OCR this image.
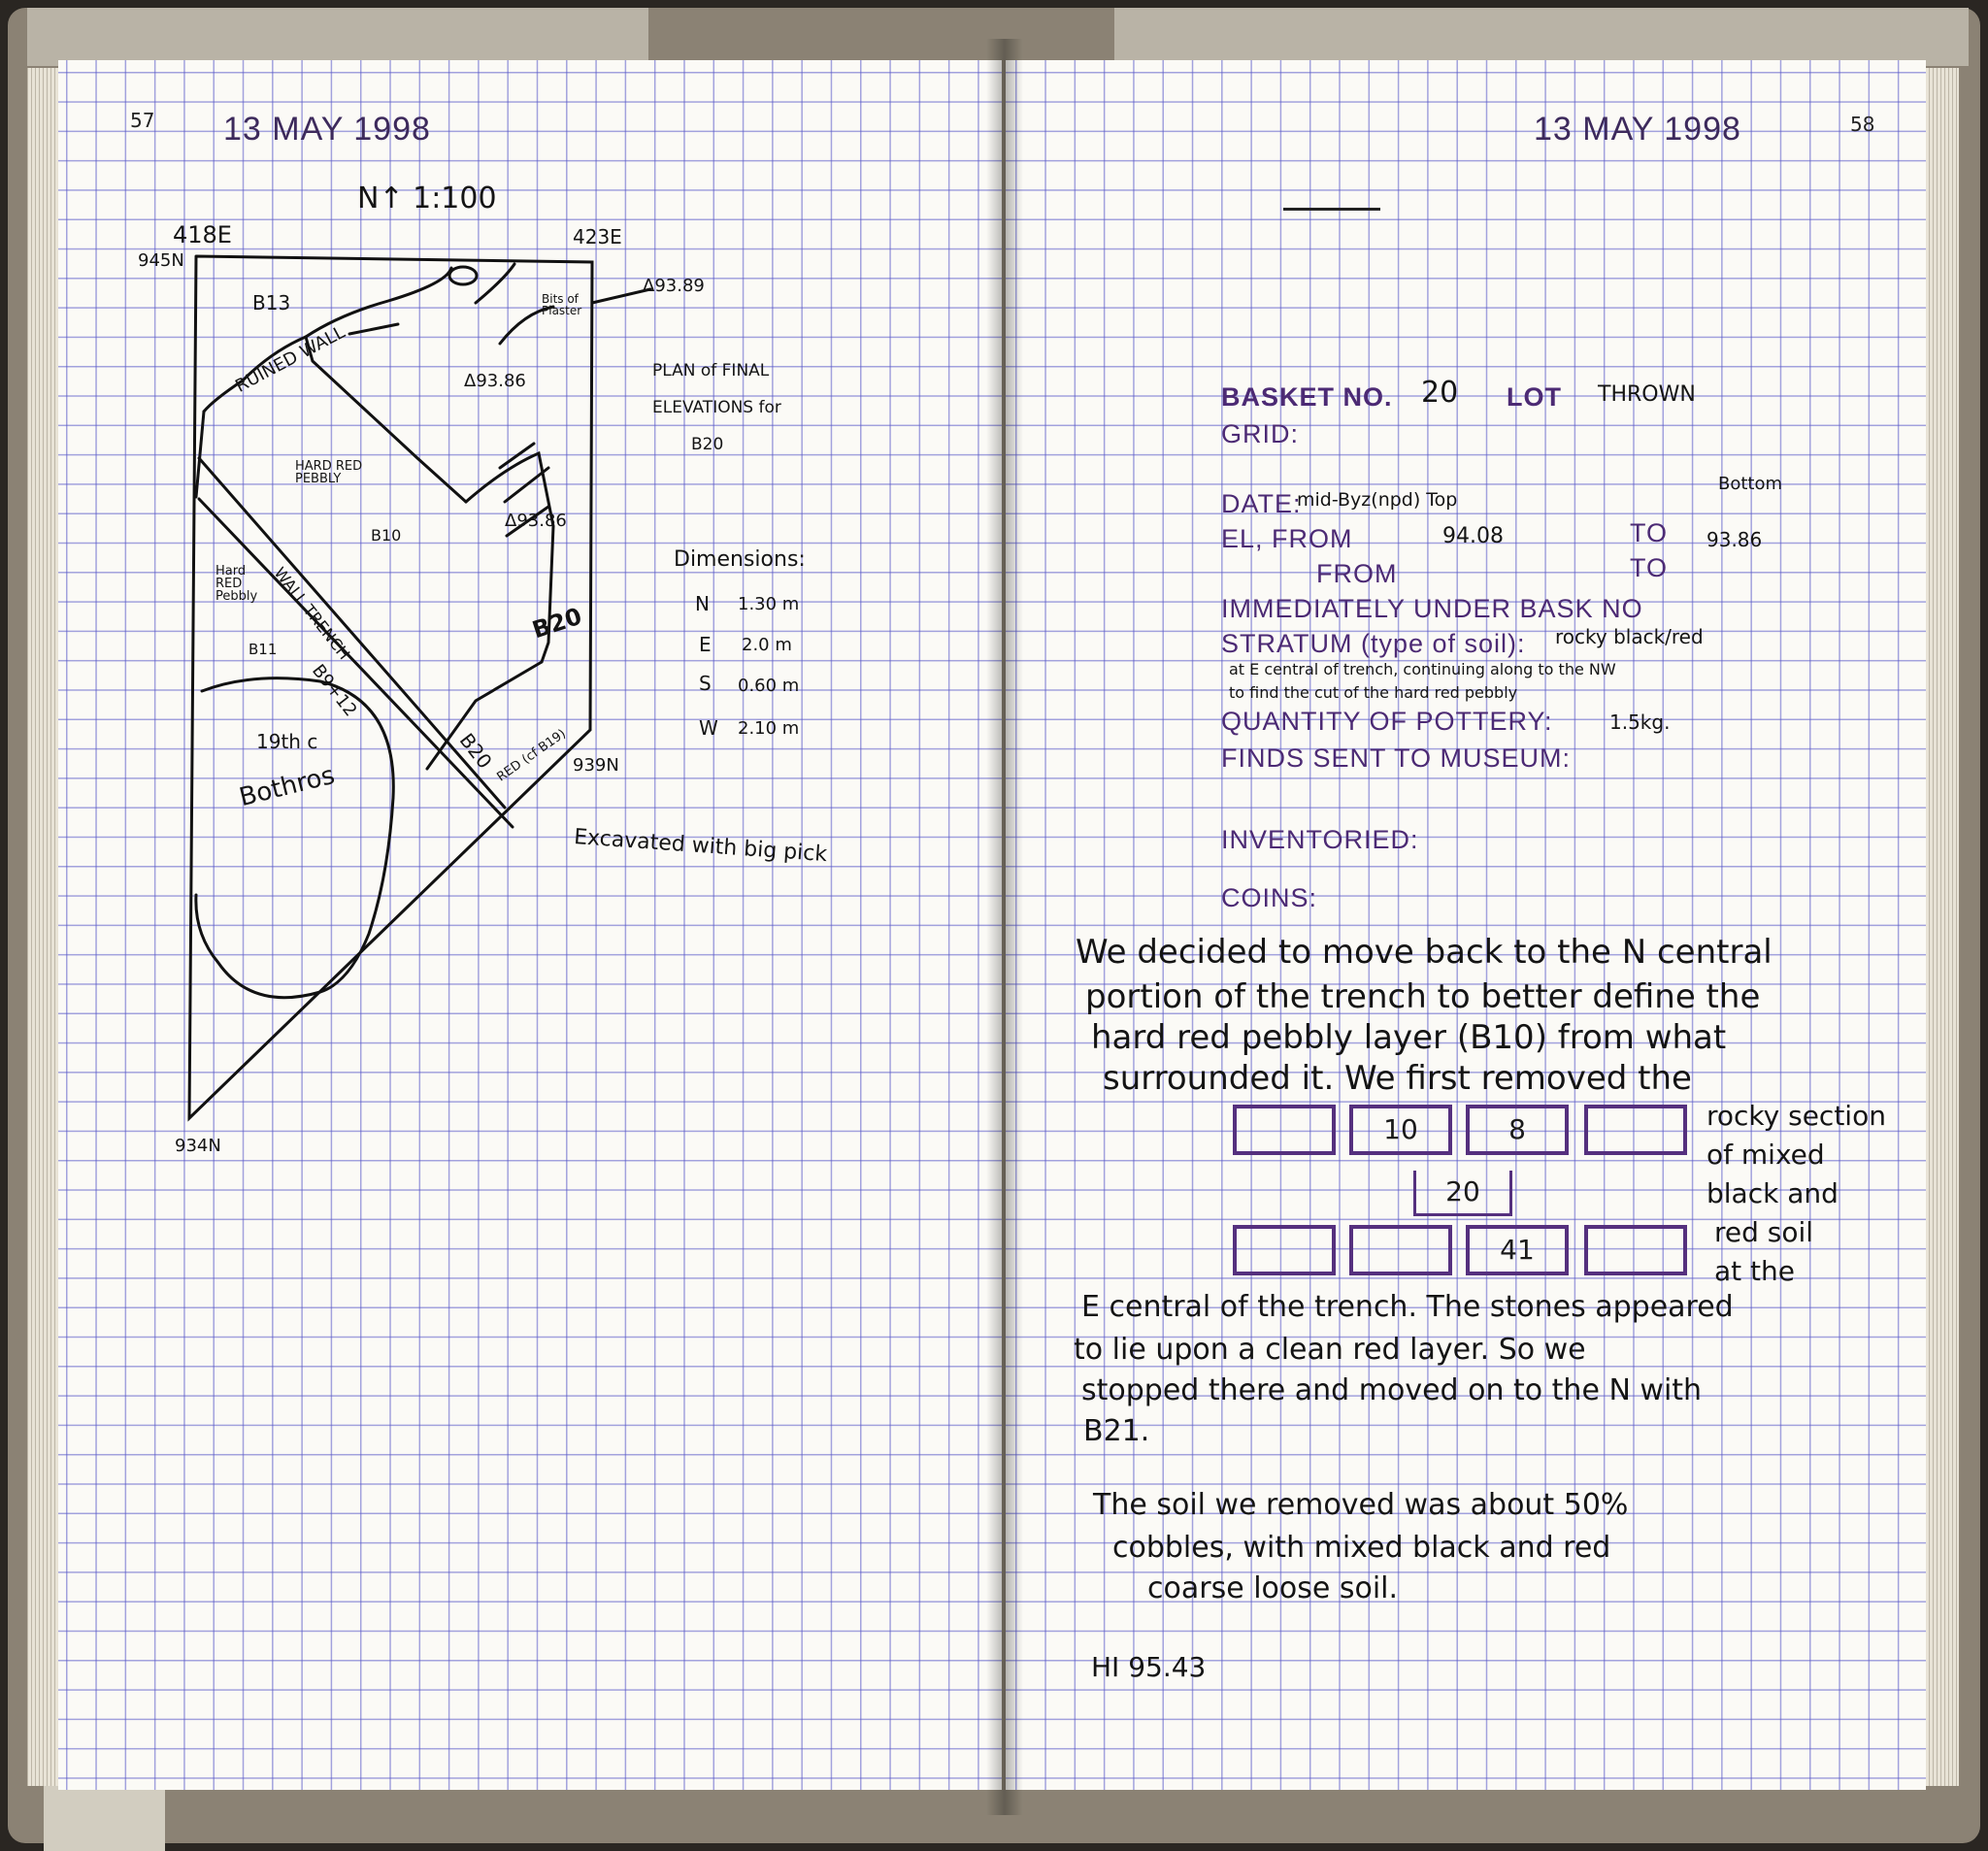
57 13 MAY 1998
N↑ 1:100
418E
945N
423E
939N
934N
Δ93.89
Δ93.86
Δ93.86
B13	Bits of Plaster
RUINED WALL
HARD RED PEBBLY
B10
B20
WALL TRENCH
Hard RED Pebbly
B11
B9+12
B20
RED (cf B19)
19th c
Bothros
PLAN of FINAL
ELEVATIONS for
B20
Dimensions:
N 1.30 m
E 2.0 m
S 0.60 m
W 2.10 m
Excavated with big pick
13 MAY 1998	58
BASKET NO. 20 LOT THROWN
GRID:
DATE:
mid-Byz(npd) Top
Bottom
EL, FROM	94.08	TO 93.86
FROM	TO
IMMEDIATELY UNDER BASK NO
STRATUM (type of soil): rocky black/red
at E central of trench, continuing along to the NW
to find the cut of the hard red pebbly
QUANTITY OF POTTERY:	1.5kg.
FINDS SENT TO MUSEUM:
INVENTORIED:
COINS:
We decided to move back to the N central
portion of the trench to better define the
hard red pebbly layer (B10) from what
surrounded it. We first removed the
10	8
20
41
rocky section
of mixed
black and
red soil
at the
E central of the trench. The stones appeared
to lie upon a clean red layer. So we
stopped there and moved on to the N with
B21.
The soil we removed was about 50%
cobbles, with mixed black and red
coarse loose soil.
HI 95.43
